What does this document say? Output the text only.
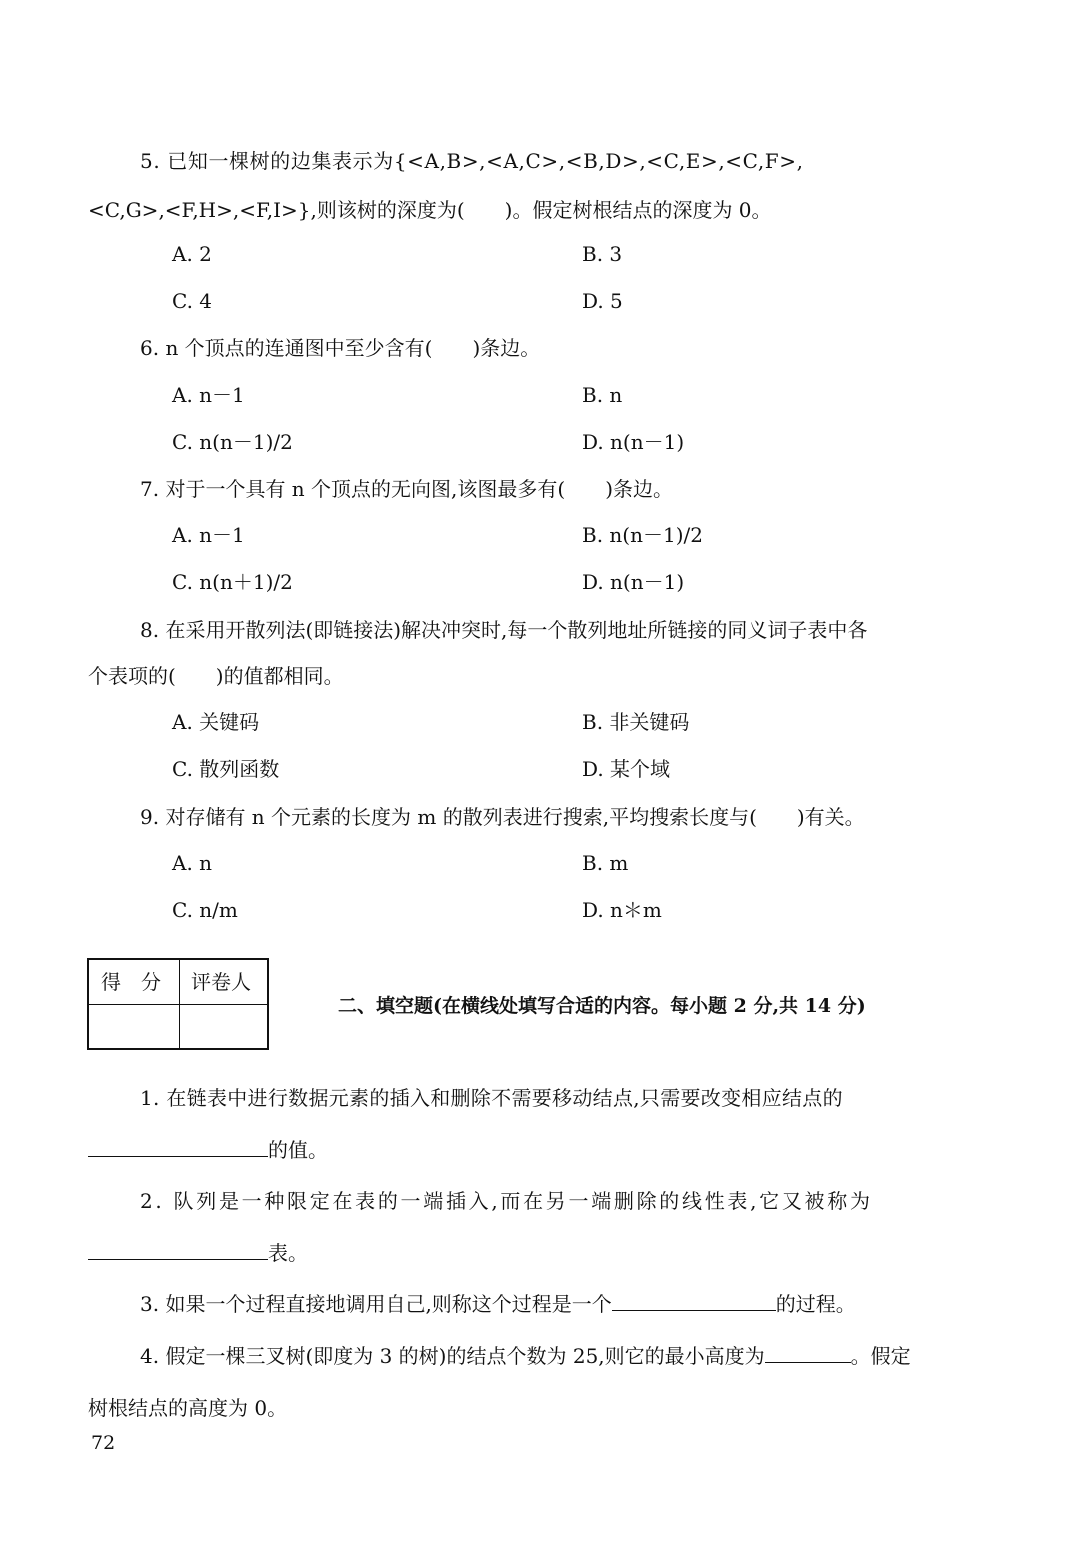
5. 已知一棵树的边集表示为{<A,B>,<A,C>,<B,D>,<C,E>,<C,F>,
<C,G>,<F,H>,<F,I>},则该树的深度为(　　)。假定树根结点的深度为 0。
A. 2	B. 3
C. 4	D. 5
6. n 个顶点的连通图中至少含有(　　)条边。
A. n－1	B. n
C. n(n－1)/2	D. n(n－1)
7. 对于一个具有 n 个顶点的无向图,该图最多有(　　)条边。
A. n－1	B. n(n－1)/2
C. n(n＋1)/2	D. n(n－1)
8. 在采用开散列法(即链接法)解决冲突时,每一个散列地址所链接的同义词子表中各
个表项的(　　)的值都相同。
A. 关键码	B. 非关键码
C. 散列函数	D. 某个域
9. 对存储有 n 个元素的长度为 m 的散列表进行搜索,平均搜索长度与(　　)有关。
A. n	B. m
C. n/m	D. n＊m
得　分 评卷人
二、填空题(在横线处填写合适的内容。每小题 2 分,共 14 分)
1. 在链表中进行数据元素的插入和删除不需要移动结点,只需要改变相应结点的
的值。
2. 队列是一种限定在表的一端插入,而在另一端删除的线性表,它又被称为
表。
3. 如果一个过程直接地调用自己,则称这个过程是一个	的过程。
4. 假定一棵三叉树(即度为 3 的树)的结点个数为 25,则它的最小高度为	。假定
树根结点的高度为 0。
72
